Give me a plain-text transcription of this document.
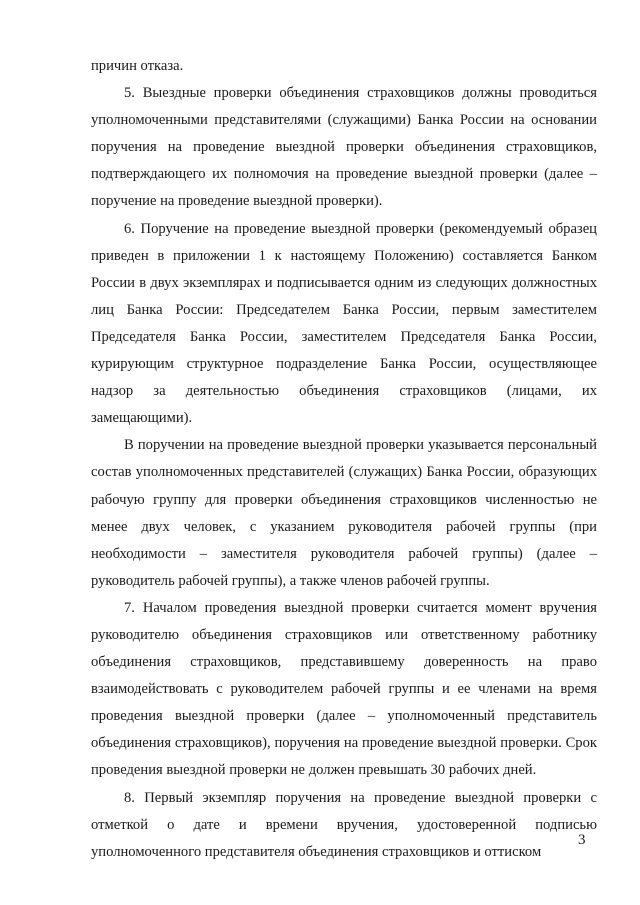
причин отказа.

5. Выездные проверки объединения страховщиков должны проводиться уполномоченными представителями (служащими) Банка России на основании поручения на проведение выездной проверки объединения страховщиков, подтверждающего их полномочия на проведение выездной проверки (далее – поручение на проведение выездной проверки).

6. Поручение на проведение выездной проверки (рекомендуемый образец приведен в приложении 1 к настоящему Положению) составляется Банком России в двух экземплярах и подписывается одним из следующих должностных лиц Банка России: Председателем Банка России, первым заместителем Председателя Банка России, заместителем Председателя Банка России, курирующим структурное подразделение Банка России, осуществляющее надзор за деятельностью объединения страховщиков (лицами, их замещающими).

В поручении на проведение выездной проверки указывается персональный состав уполномоченных представителей (служащих) Банка России, образующих рабочую группу для проверки объединения страховщиков численностью не менее двух человек, с указанием руководителя рабочей группы (при необходимости – заместителя руководителя рабочей группы) (далее – руководитель рабочей группы), а также членов рабочей группы.

7. Началом проведения выездной проверки считается момент вручения руководителю объединения страховщиков или ответственному работнику объединения страховщиков, представившему доверенность на право взаимодействовать с руководителем рабочей группы и ее членами на время проведения выездной проверки (далее – уполномоченный представитель объединения страховщиков), поручения на проведение выездной проверки. Срок проведения выездной проверки не должен превышать 30 рабочих дней.

8. Первый экземпляр поручения на проведение выездной проверки с отметкой о дате и времени вручения, удостоверенной подписью уполномоченного представителя объединения страховщиков и оттиском

3
